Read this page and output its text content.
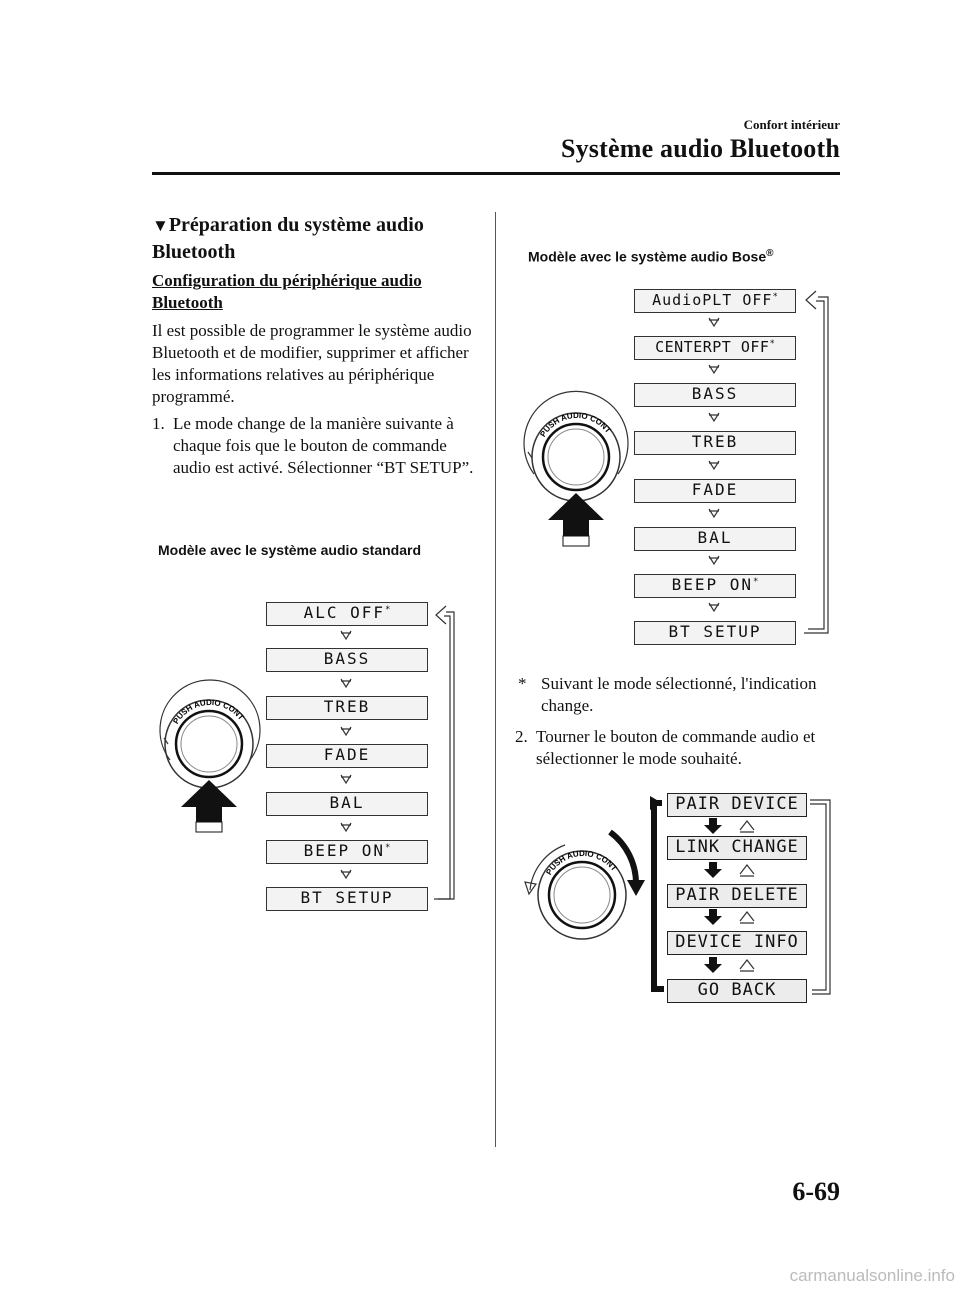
Confort intérieur
Système audio Bluetooth
▼Préparation du système audio Bluetooth
Configuration du périphérique audio Bluetooth
Il est possible de programmer le système audio Bluetooth et de modifier, supprimer et afficher les informations relatives au périphérique programmé.
1. Le mode change de la manière suivante à chaque fois que le bouton de commande audio est activé. Sélectionner “BT SETUP”.
Modèle avec le système audio standard
Modèle avec le système audio Bose®
* Suivant le mode sélectionné, l'indication change.
2. Tourner le bouton de commande audio et sélectionner le mode souhaité.
ALC OFF*
BASS
TREB
FADE
BAL
BEEP ON*
BT SETUP
PUSH AUDIO CONT
AudioPLT OFF*
CENTERPT OFF*
BASS
TREB
FADE
BAL
BEEP ON*
BT SETUP
PUSH AUDIO CONT
PAIR DEVICE
LINK CHANGE
PAIR DELETE
DEVICE INFO
GO BACK
PUSH AUDIO CONT
6-69
carmanualsonline.info
